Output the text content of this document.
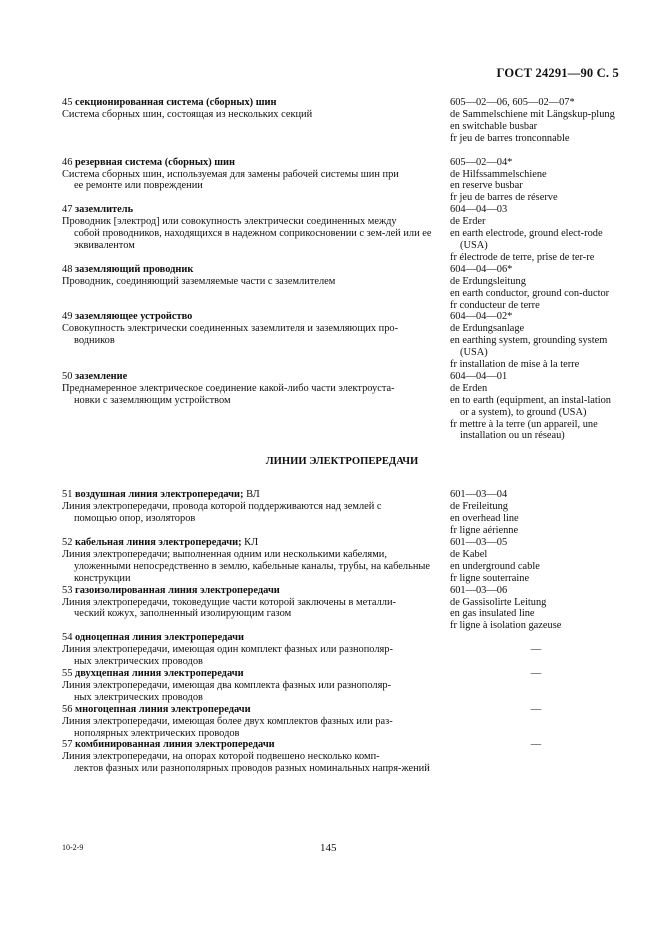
ГОСТ 24291—90 С. 5
45 секционированная система (сборных) шин
Система сборных шин, состоящая из нескольких секций
605—02—06, 605—02—07*
de Sammelschiene mit Längskup-plung
en switchable busbar
fr jeu de barres tronconnable
46 резервная система (сборных) шин
Система сборных шин, используемая для замены рабочей системы шин при
ее ремонте или повреждении
605—02—04*
de Hilfssammelschiene
en reserve busbar
fr jeu de barres de réserve
47 заземлитель
Проводник [электрод] или совокупность электрически соединенных между
собой проводников, находящихся в надежном соприкосновении с зем-лей или ее эквивалентом
604—04—03
de Erder
en earth electrode, ground elect-rode (USA)
fr électrode de terre, prise de ter-re
48 заземляющий проводник
Проводник, соединяющий заземляемые части с заземлителем
604—04—06*
de Erdungsleitung
en earth conductor, ground con-ductor
fr conducteur de terre
49 заземляющее устройство
Совокупность электрически соединенных заземлителя и заземляющих про-
водников
604—04—02*
de Erdungsanlage
en earthing system, grounding system (USA)
fr installation de mise à la terre
50 заземление
Преднамеренное электрическое соединение какой-либо части электроуста-
новки с заземляющим устройством
604—04—01
de Erden
en to earth (equipment, an instal-lation or a system), to ground (USA)
fr mettre à la terre (un appareil, une installation ou un réseau)
ЛИНИИ ЭЛЕКТРОПЕРЕДАЧИ
51 воздушная линия электропередачи; ВЛ
Линия электропередачи, провода которой поддерживаются над землей с
помощью опор, изоляторов
601—03—04
de Freileitung
en overhead line
fr ligne aérienne
52 кабельная линия электропередачи; КЛ
Линия электропередачи; выполненная одним или несколькими кабелями,
уложенными непосредственно в землю, кабельные каналы, трубы, на кабельные конструкции
601—03—05
de Kabel
en underground cable
fr ligne souterraine
53 газоизолированная линия электропередачи
Линия электропередачи, токоведущие части которой заключены в металли-
ческий кожух, заполненный изолирующим газом
601—03—06
de Gassisolirte Leitung
en gas insulated line
fr ligne à isolation gazeuse
54 одноцепная линия электропередачи
Линия электропередачи, имеющая один комплект фазных или разнополяр-
ных электрических проводов
—
55 двухцепная линия электропередачи
Линия электропередачи, имеющая два комплекта фазных или разнополяр-
ных электрических проводов
—
56 многоцепная линия электропередачи
Линия электропередачи, имеющая более двух комплектов фазных или раз-
нополярных электрических проводов
—
57 комбинированная линия электропередачи
Линия электропередачи, на опорах которой подвешено несколько комп-
лектов фазных или разнополярных проводов разных номинальных напря-жений
—
10-2-9	145
